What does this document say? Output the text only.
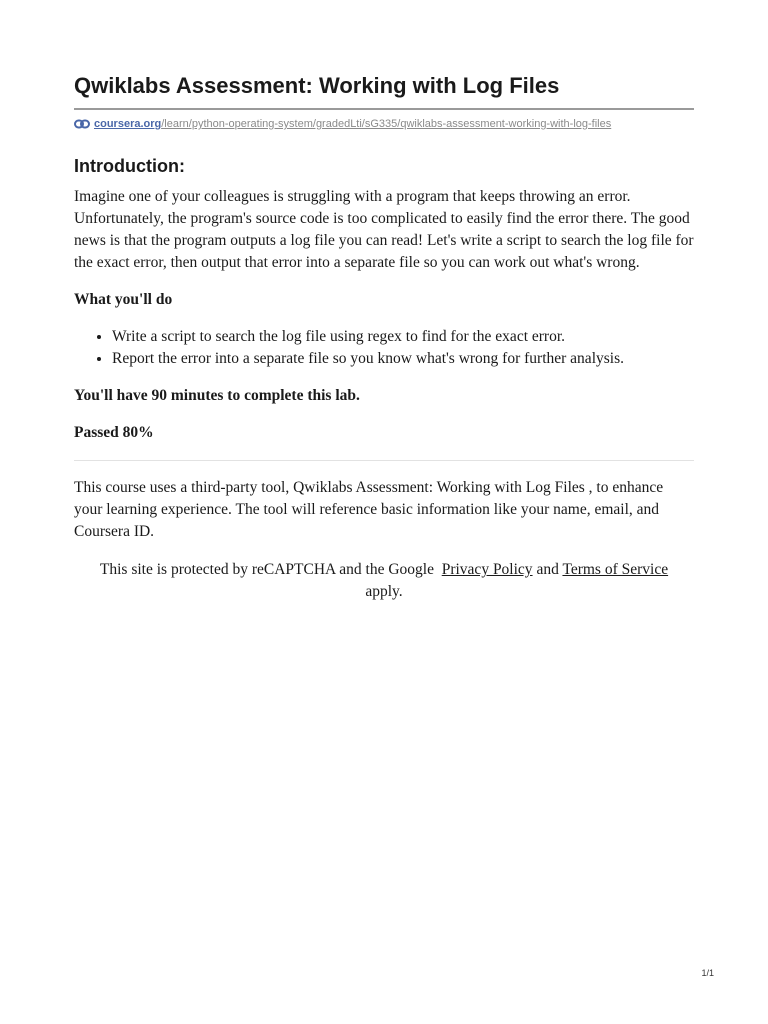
Qwiklabs Assessment: Working with Log Files
coursera.org /learn/python-operating-system/gradedLti/sG335/qwiklabs-assessment-working-with-log-files
Introduction:

Imagine one of your colleagues is struggling with a program that keeps throwing an error. Unfortunately, the program's source code is too complicated to easily find the error there. The good news is that the program outputs a log file you can read! Let's write a script to search the log file for the exact error, then output that error into a separate file so you can work out what's wrong.

What you'll do

• Write a script to search the log file using regex to find for the exact error.
• Report the error into a separate file so you know what's wrong for further analysis.

You'll have 90 minutes to complete this lab.

Passed 80%

This course uses a third-party tool, Qwiklabs Assessment: Working with Log Files , to enhance your learning experience. The tool will reference basic information like your name, email, and Coursera ID.

This site is protected by reCAPTCHA and the Google Privacy Policy and Terms of Service
apply.

1/1
